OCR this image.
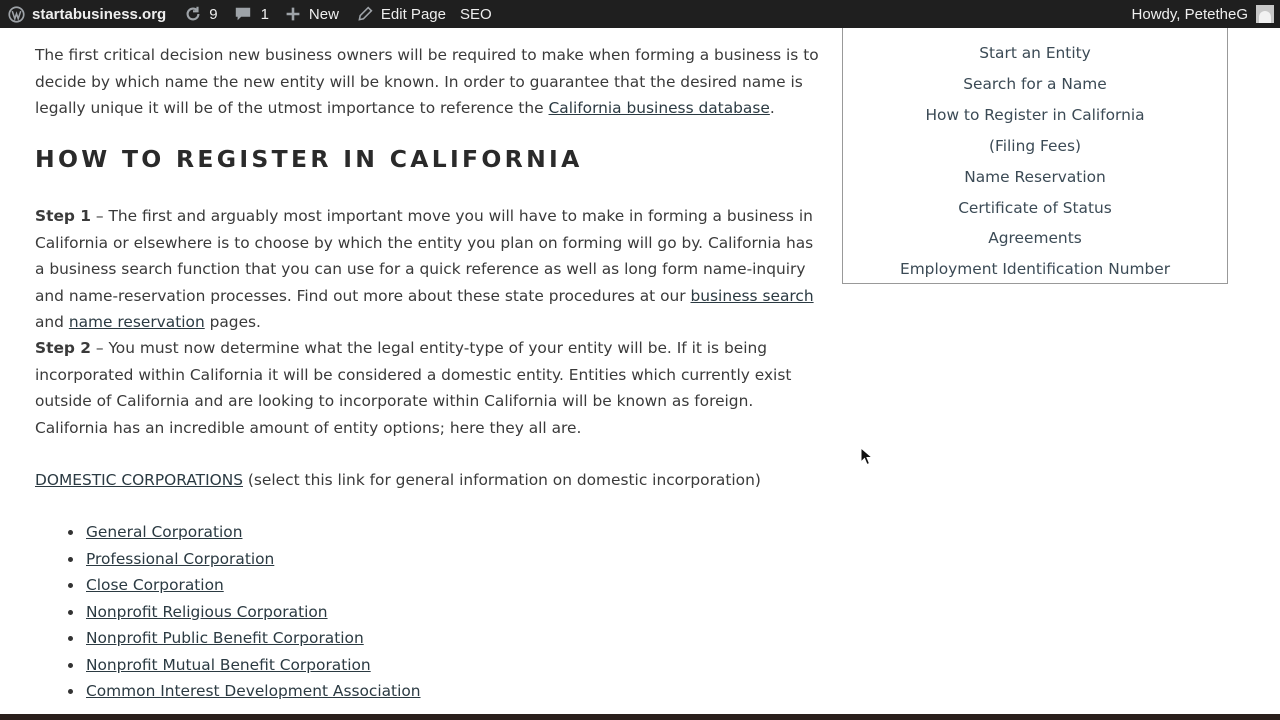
startabusiness.org	9	1	New	Edit Page SEO	Howdy, PetetheG

The first critical decision new business owners will be required to make when forming a business is to decide by which name the new entity will be known. In order to guarantee that the desired name is legally unique it will be of the utmost importance to reference the California business database.

HOW TO REGISTER IN CALIFORNIA

Step 1 – The first and arguably most important move you will have to make in forming a business in California or elsewhere is to choose by which the entity you plan on forming will go by. California has a business search function that you can use for a quick reference as well as long form name-inquiry and name-reservation processes. Find out more about these state procedures at our business search and name reservation pages.

Step 2 – You must now determine what the legal entity-type of your entity will be. If it is being incorporated within California it will be considered a domestic entity. Entities which currently exist outside of California and are looking to incorporate within California will be known as foreign. California has an incredible amount of entity options; here they all are.

DOMESTIC CORPORATIONS (select this link for general information on domestic incorporation)

General Corporation
Professional Corporation
Close Corporation
Nonprofit Religious Corporation
Nonprofit Public Benefit Corporation
Nonprofit Mutual Benefit Corporation
Common Interest Development Association
Start an Entity
Search for a Name
How to Register in California
(Filing Fees)
Name Reservation
Certificate of Status
Agreements
Employment Identification Number
